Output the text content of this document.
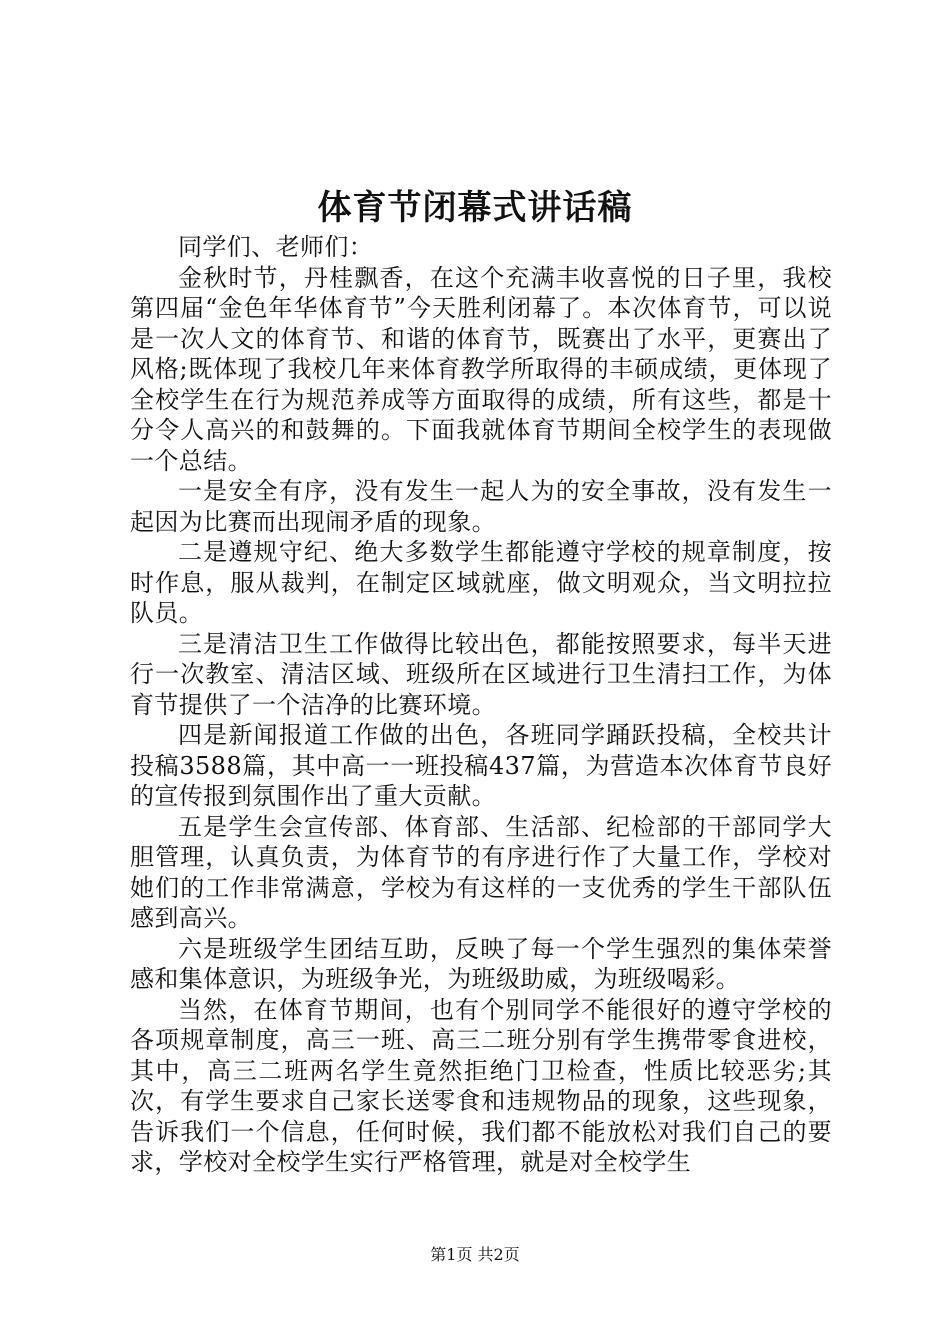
体育节闭幕式讲话稿

同学们、老师们：

金秋时节，丹桂飘香，在这个充满丰收喜悦的日子里，我校第四届“金色年华体育节”今天胜利闭幕了。本次体育节，可以说是一次人文的体育节、和谐的体育节，既赛出了水平，更赛出了风格;既体现了我校几年来体育教学所取得的丰硕成绩，更体现了全校学生在行为规范养成等方面取得的成绩，所有这些，都是十分令人高兴的和鼓舞的。下面我就体育节期间全校学生的表现做一个总结。

一是安全有序，没有发生一起人为的安全事故，没有发生一起因为比赛而出现闹矛盾的现象。

二是遵规守纪、绝大多数学生都能遵守学校的规章制度，按时作息，服从裁判，在制定区域就座，做文明观众，当文明拉拉队员。

三是清洁卫生工作做得比较出色，都能按照要求，每半天进行一次教室、清洁区域、班级所在区域进行卫生清扫工作，为体育节提供了一个洁净的比赛环境。

四是新闻报道工作做的出色，各班同学踊跃投稿，全校共计投稿3588篇，其中高一一班投稿437篇，为营造本次体育节良好的宣传报到氛围作出了重大贡献。

五是学生会宣传部、体育部、生活部、纪检部的干部同学大胆管理，认真负责，为体育节的有序进行作了大量工作，学校对她们的工作非常满意，学校为有这样的一支优秀的学生干部队伍感到高兴。

六是班级学生团结互助，反映了每一个学生强烈的集体荣誉感和集体意识，为班级争光，为班级助威，为班级喝彩。

当然，在体育节期间，也有个别同学不能很好的遵守学校的各项规章制度，高三一班、高三二班分别有学生携带零食进校，其中，高三二班两名学生竟然拒绝门卫检查，性质比较恶劣;其次，有学生要求自己家长送零食和违规物品的现象，这些现象，告诉我们一个信息，任何时候，我们都不能放松对我们自己的要求，学校对全校学生实行严格管理，就是对全校学生

第1页 共2页
